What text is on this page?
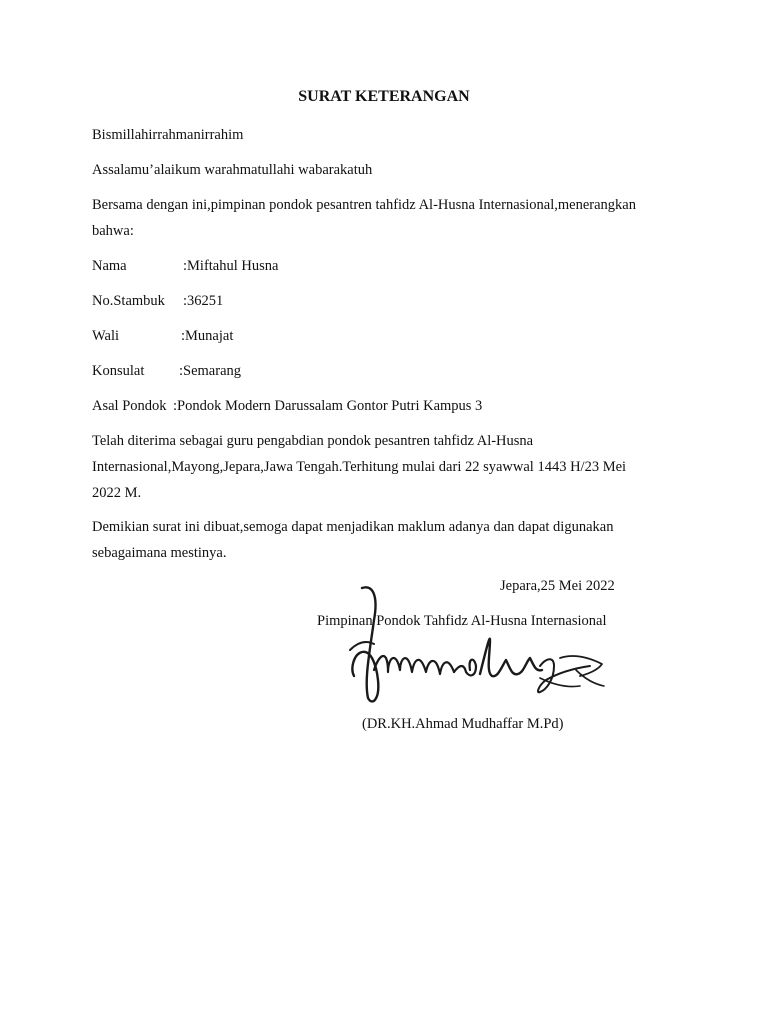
SURAT KETERANGAN

Bismillahirrahmanirrahim

Assalamu’alaikum warahmatullahi wabarakatuh

Bersama dengan ini,pimpinan pondok pesantren tahfidz Al-Husna Internasional,menerangkan

bahwa:

Nama	:Miftahul Husna
No.Stambuk :36251
Wali	:Munajat
Konsulat :Semarang
Asal Pondok :Pondok Modern Darussalam Gontor Putri Kampus 3

Telah diterima sebagai guru pengabdian pondok pesantren tahfidz Al-Husna

Internasional,Mayong,Jepara,Jawa Tengah.Terhitung mulai dari 22 syawwal 1443 H/23 Mei

2022 M.

Demikian surat ini dibuat,semoga dapat menjadikan maklum adanya dan dapat digunakan

sebagaimana mestinya.

Jepara,25 Mei 2022

Pimpinan Pondok Tahfidz Al-Husna Internasional

(DR.KH.Ahmad Mudhaffar M.Pd)
